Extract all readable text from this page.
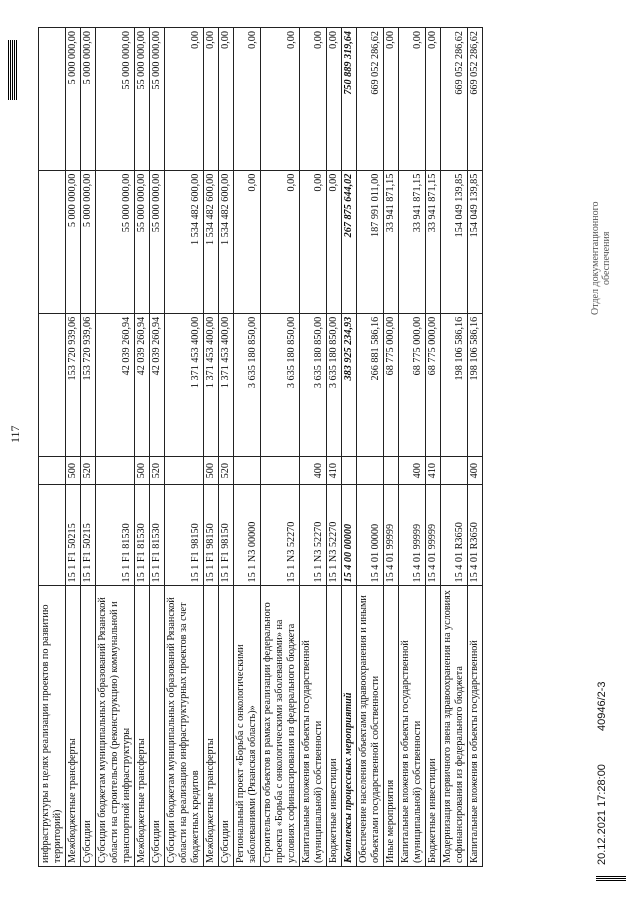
117
инфраструктуры в целях реализации проектов по развитию территорий)					
Межбюджетные трансферты	15 1 F1 50215	500	153 720 939,06	5 000 000,00	5 000 000,00
Субсидии	15 1 F1 50215	520	153 720 939,06	5 000 000,00	5 000 000,00
Субсидии бюджетам муниципальных образований Рязанской области на строительство (реконструкцию) коммунальной и транспортной инфраструктуры	15 1 F1 81530		42 039 260,94	55 000 000,00	55 000 000,00
Межбюджетные трансферты	15 1 F1 81530	500	42 039 260,94	55 000 000,00	55 000 000,00
Субсидии	15 1 F1 81530	520	42 039 260,94	55 000 000,00	55 000 000,00
Субсидии бюджетам муниципальных образований Рязанской области на реализацию инфраструктурных проектов за счет бюджетных кредитов	15 1 F1 98150		1 371 453 400,00	1 534 482 600,00	0,00
Межбюджетные трансферты	15 1 F1 98150	500	1 371 453 400,00	1 534 482 600,00	0,00
Субсидии	15 1 F1 98150	520	1 371 453 400,00	1 534 482 600,00	0,00
Региональный проект «Борьба с онкологическими заболеваниями (Рязанская область)»	15 1 N3 00000		3 635 180 850,00	0,00	0,00
Строительство объектов в рамках реализации федерального проекта «Борьба с онкологическими заболеваниями» на условиях софинансирования из федерального бюджета	15 1 N3 52270		3 635 180 850,00	0,00	0,00
Капитальные вложения в объекты государственной (муниципальной) собственности	15 1 N3 52270	400	3 635 180 850,00	0,00	0,00
Бюджетные инвестиции	15 1 N3 52270	410	3 635 180 850,00	0,00	0,00
Комплексы процессных мероприятий	15 4 00 00000		383 925 234,93	267 875 644,02	750 889 319,64
Обеспечение населения объектами здравоохранения и иными объектами государственной собственности	15 4 01 00000		266 881 586,16	187 991 011,00	669 052 286,62
Иные мероприятия	15 4 01 99999		68 775 000,00	33 941 871,15	0,00
Капитальные вложения в объекты государственной (муниципальной) собственности	15 4 01 99999	400	68 775 000,00	33 941 871,15	0,00
Бюджетные инвестиции	15 4 01 99999	410	68 775 000,00	33 941 871,15	0,00
Модернизация первичного звена здравоохранения на условиях софинансирования из федерального бюджета	15 4 01 R3650		198 106 586,16	154 049 139,85	669 052 286,62
Капитальные вложения в объекты государственной	15 4 01 R3650	400	198 106 586,16	154 049 139,85	669 052 286,62
20.12.2021 17:28:00 40946/2-3
Отдел документационного обеспечения
